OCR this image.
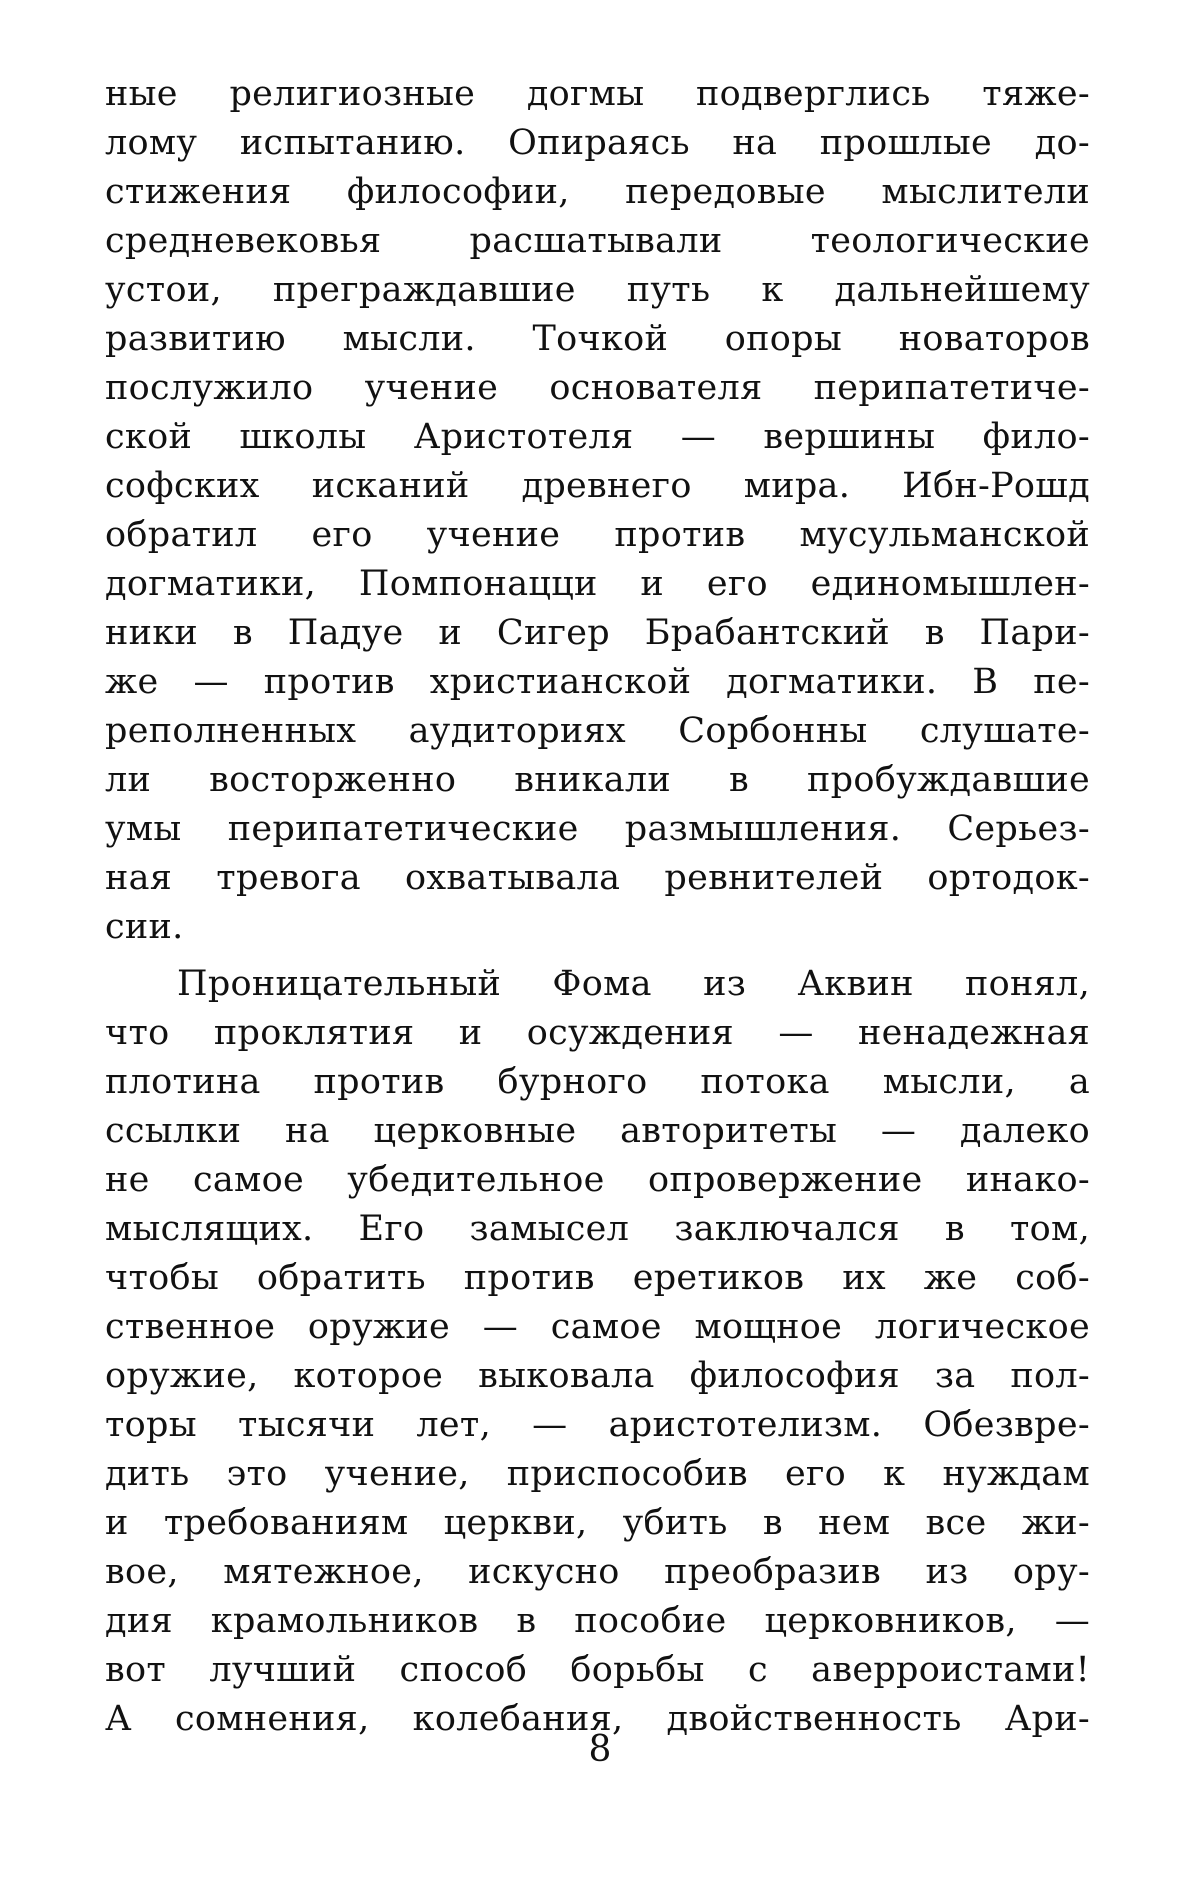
ные религиозные догмы подверглись тяже-
лому испытанию. Опираясь на прошлые до-
стижения философии, передовые мыслители
средневековья расшатывали теологические
устои, преграждавшие путь к дальнейшему
развитию мысли. Точкой опоры новаторов
послужило учение основателя перипатетиче-
ской школы Аристотеля — вершины фило-
софских исканий древнего мира. Ибн-Рошд
обратил его учение против мусульманской
догматики, Помпонацци и его единомышлен-
ники в Падуе и Сигер Брабантский в Пари-
же — против христианской догматики. В пе-
реполненных аудиториях Сорбонны слушате-
ли восторженно вникали в пробуждавшие
умы перипатетические размышления. Серьез-
ная тревога охватывала ревнителей ортодок-
сии.
Проницательный Фома из Аквин понял,
что проклятия и осуждения — ненадежная
плотина против бурного потока мысли, а
ссылки на церковные авторитеты — далеко
не самое убедительное опровержение инако-
мыслящих. Его замысел заключался в том,
чтобы обратить против еретиков их же соб-
ственное оружие — самое мощное логическое
оружие, которое выковала философия за пол-
торы тысячи лет, — аристотелизм. Обезвре-
дить это учение, приспособив его к нуждам
и требованиям церкви, убить в нем все жи-
вое, мятежное, искусно преобразив из ору-
дия крамольников в пособие церковников, —
вот лучший способ борьбы с аверроистами!
А сомнения, колебания, двойственность Ари-
8
